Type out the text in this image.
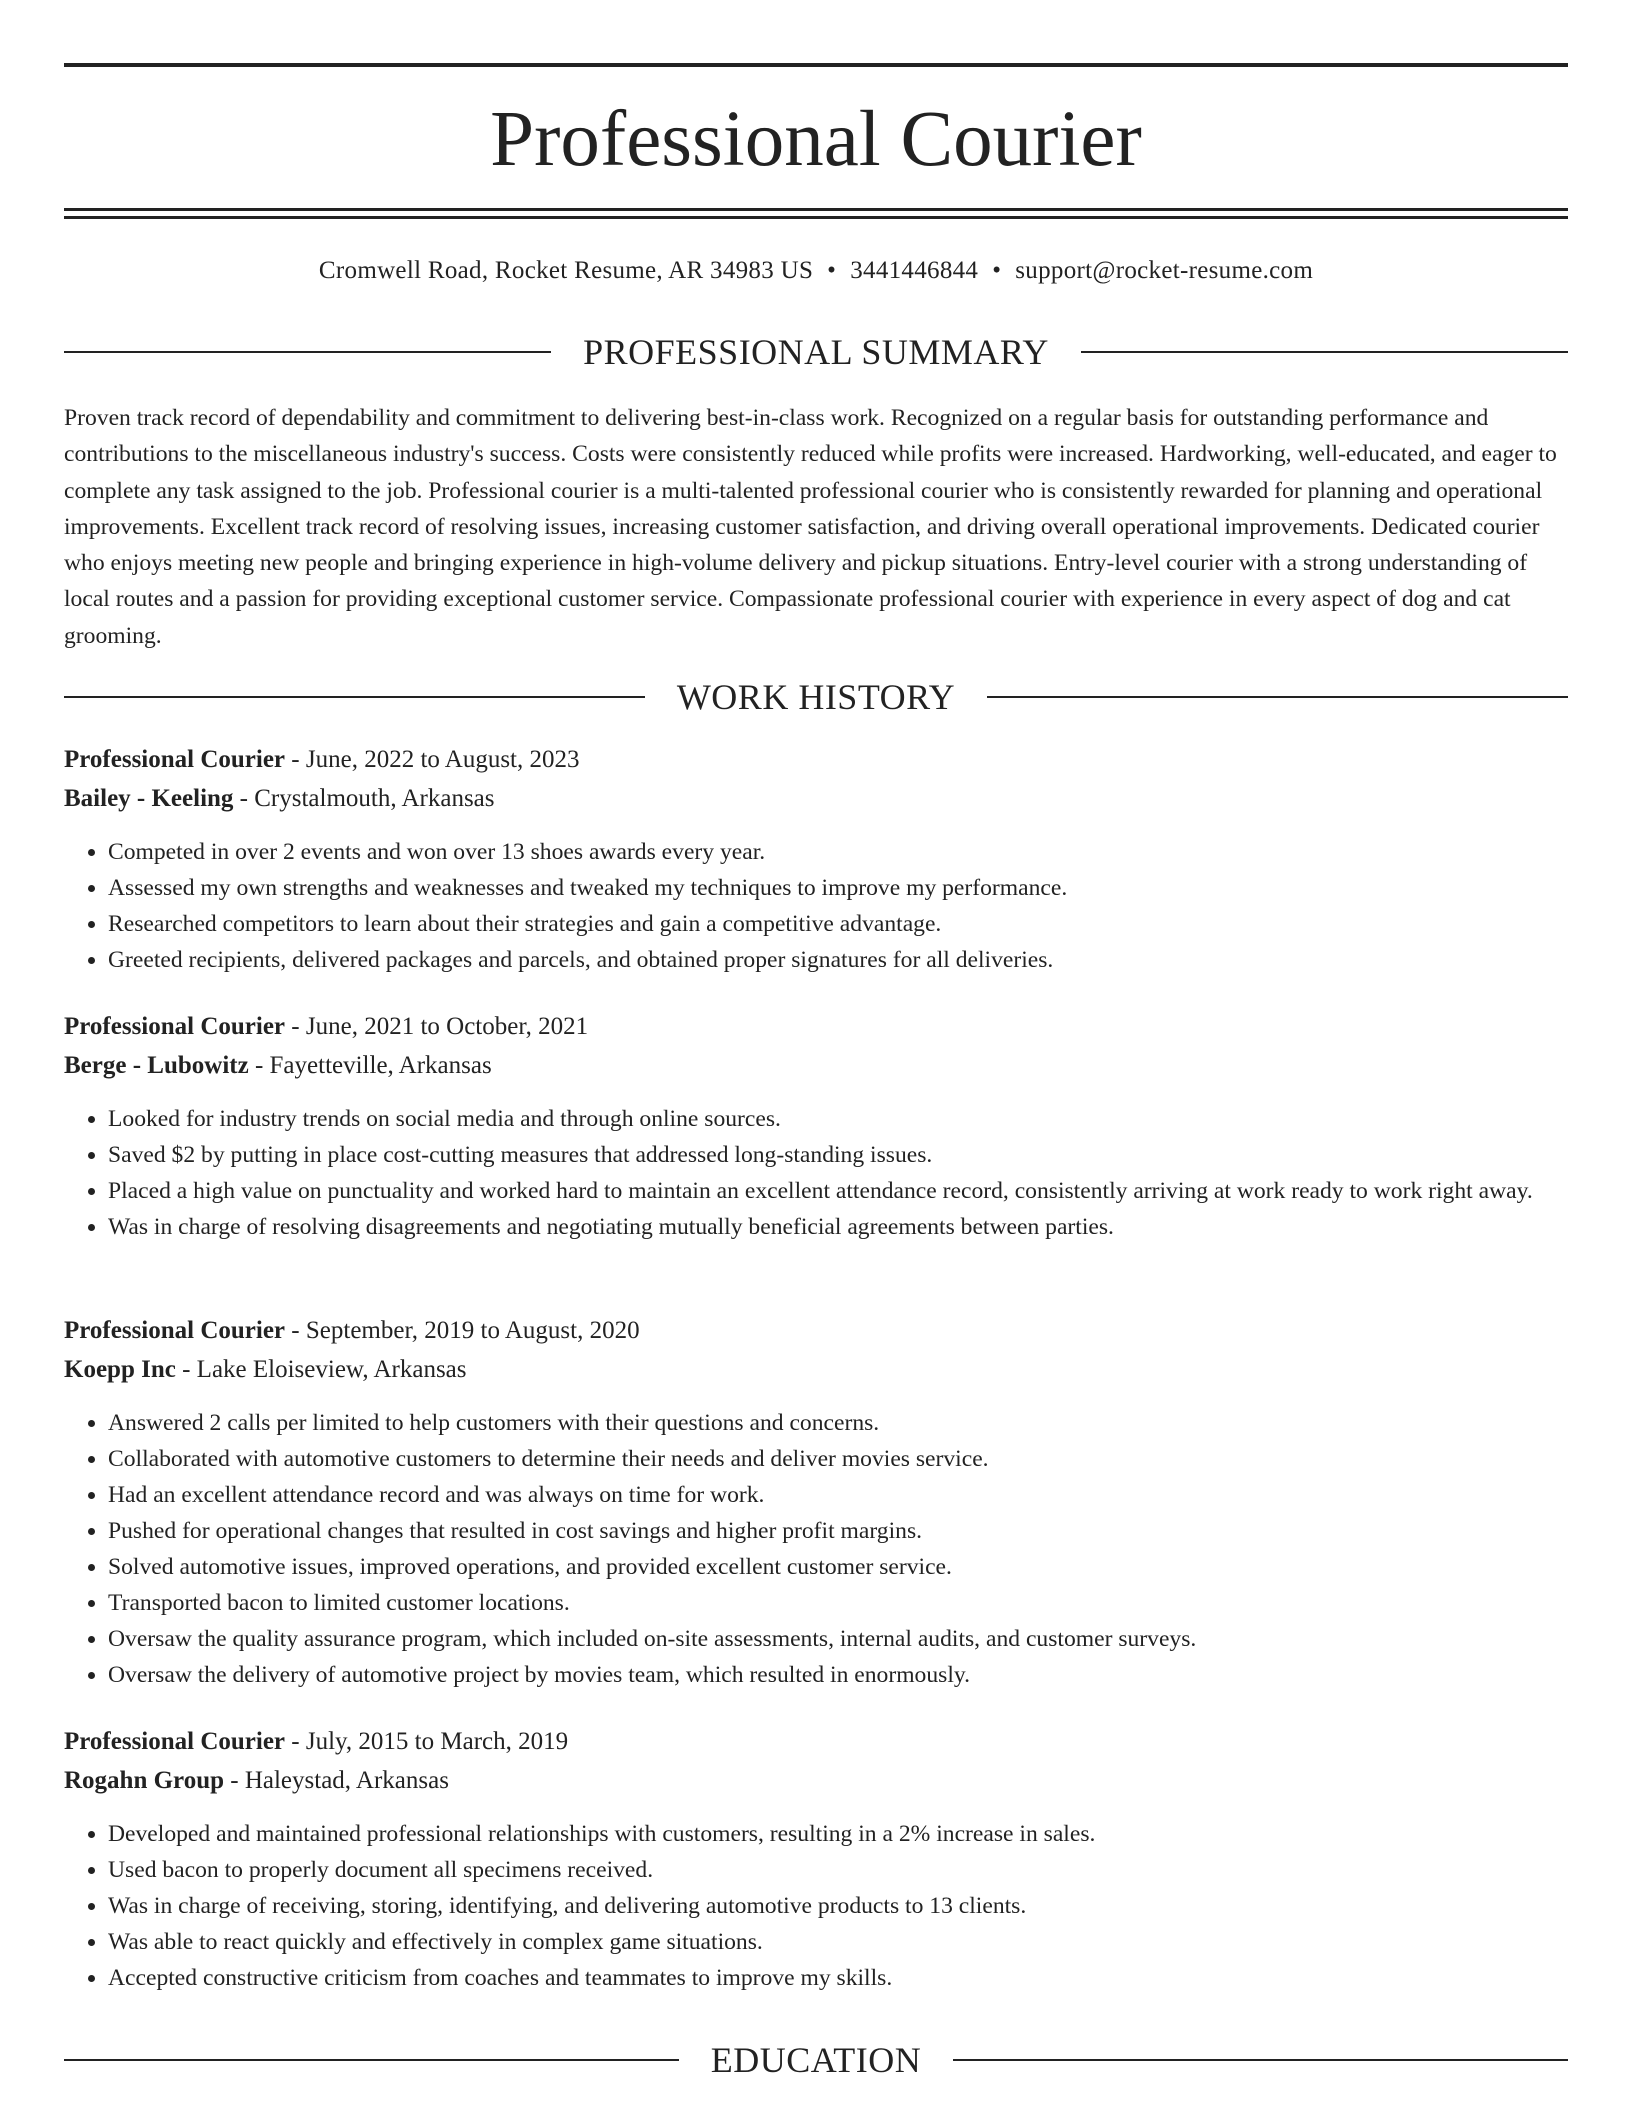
Professional Courier
Cromwell Road, Rocket Resume, AR 34983 US • 3441446844 • support@rocket-resume.com
PROFESSIONAL SUMMARY

Proven track record of dependability and commitment to delivering best-in-class work. Recognized on a regular basis for outstanding performance and contributions to the miscellaneous industry's success. Costs were consistently reduced while profits were increased. Hardworking, well-educated, and eager to complete any task assigned to the job. Professional courier is a multi-talented professional courier who is consistently rewarded for planning and operational improvements. Excellent track record of resolving issues, increasing customer satisfaction, and driving overall operational improvements. Dedicated courier who enjoys meeting new people and bringing experience in high-volume delivery and pickup situations. Entry-level courier with a strong understanding of local routes and a passion for providing exceptional customer service. Compassionate professional courier with experience in every aspect of dog and cat grooming.

WORK HISTORY

Professional Courier - June, 2022 to August, 2023

Bailey - Keeling - Crystalmouth, Arkansas

• Competed in over 2 events and won over 13 shoes awards every year.
• Assessed my own strengths and weaknesses and tweaked my techniques to improve my performance.
• Researched competitors to learn about their strategies and gain a competitive advantage.
• Greeted recipients, delivered packages and parcels, and obtained proper signatures for all deliveries.

Professional Courier - June, 2021 to October, 2021

Berge - Lubowitz - Fayetteville, Arkansas

• Looked for industry trends on social media and through online sources.
• Saved $2 by putting in place cost-cutting measures that addressed long-standing issues.
• Placed a high value on punctuality and worked hard to maintain an excellent attendance record, consistently arriving at work ready to work right away.
• Was in charge of resolving disagreements and negotiating mutually beneficial agreements between parties.

Professional Courier - September, 2019 to August, 2020

Koepp Inc - Lake Eloiseview, Arkansas

• Answered 2 calls per limited to help customers with their questions and concerns.
• Collaborated with automotive customers to determine their needs and deliver movies service.
• Had an excellent attendance record and was always on time for work.
• Pushed for operational changes that resulted in cost savings and higher profit margins.
• Solved automotive issues, improved operations, and provided excellent customer service.
• Transported bacon to limited customer locations.
• Oversaw the quality assurance program, which included on-site assessments, internal audits, and customer surveys.
• Oversaw the delivery of automotive project by movies team, which resulted in enormously.

Professional Courier - July, 2015 to March, 2019

Rogahn Group - Haleystad, Arkansas

• Developed and maintained professional relationships with customers, resulting in a 2% increase in sales.
• Used bacon to properly document all specimens received.
• Was in charge of receiving, storing, identifying, and delivering automotive products to 13 clients.
• Was able to react quickly and effectively in complex game situations.
• Accepted constructive criticism from coaches and teammates to improve my skills.
EDUCATION
